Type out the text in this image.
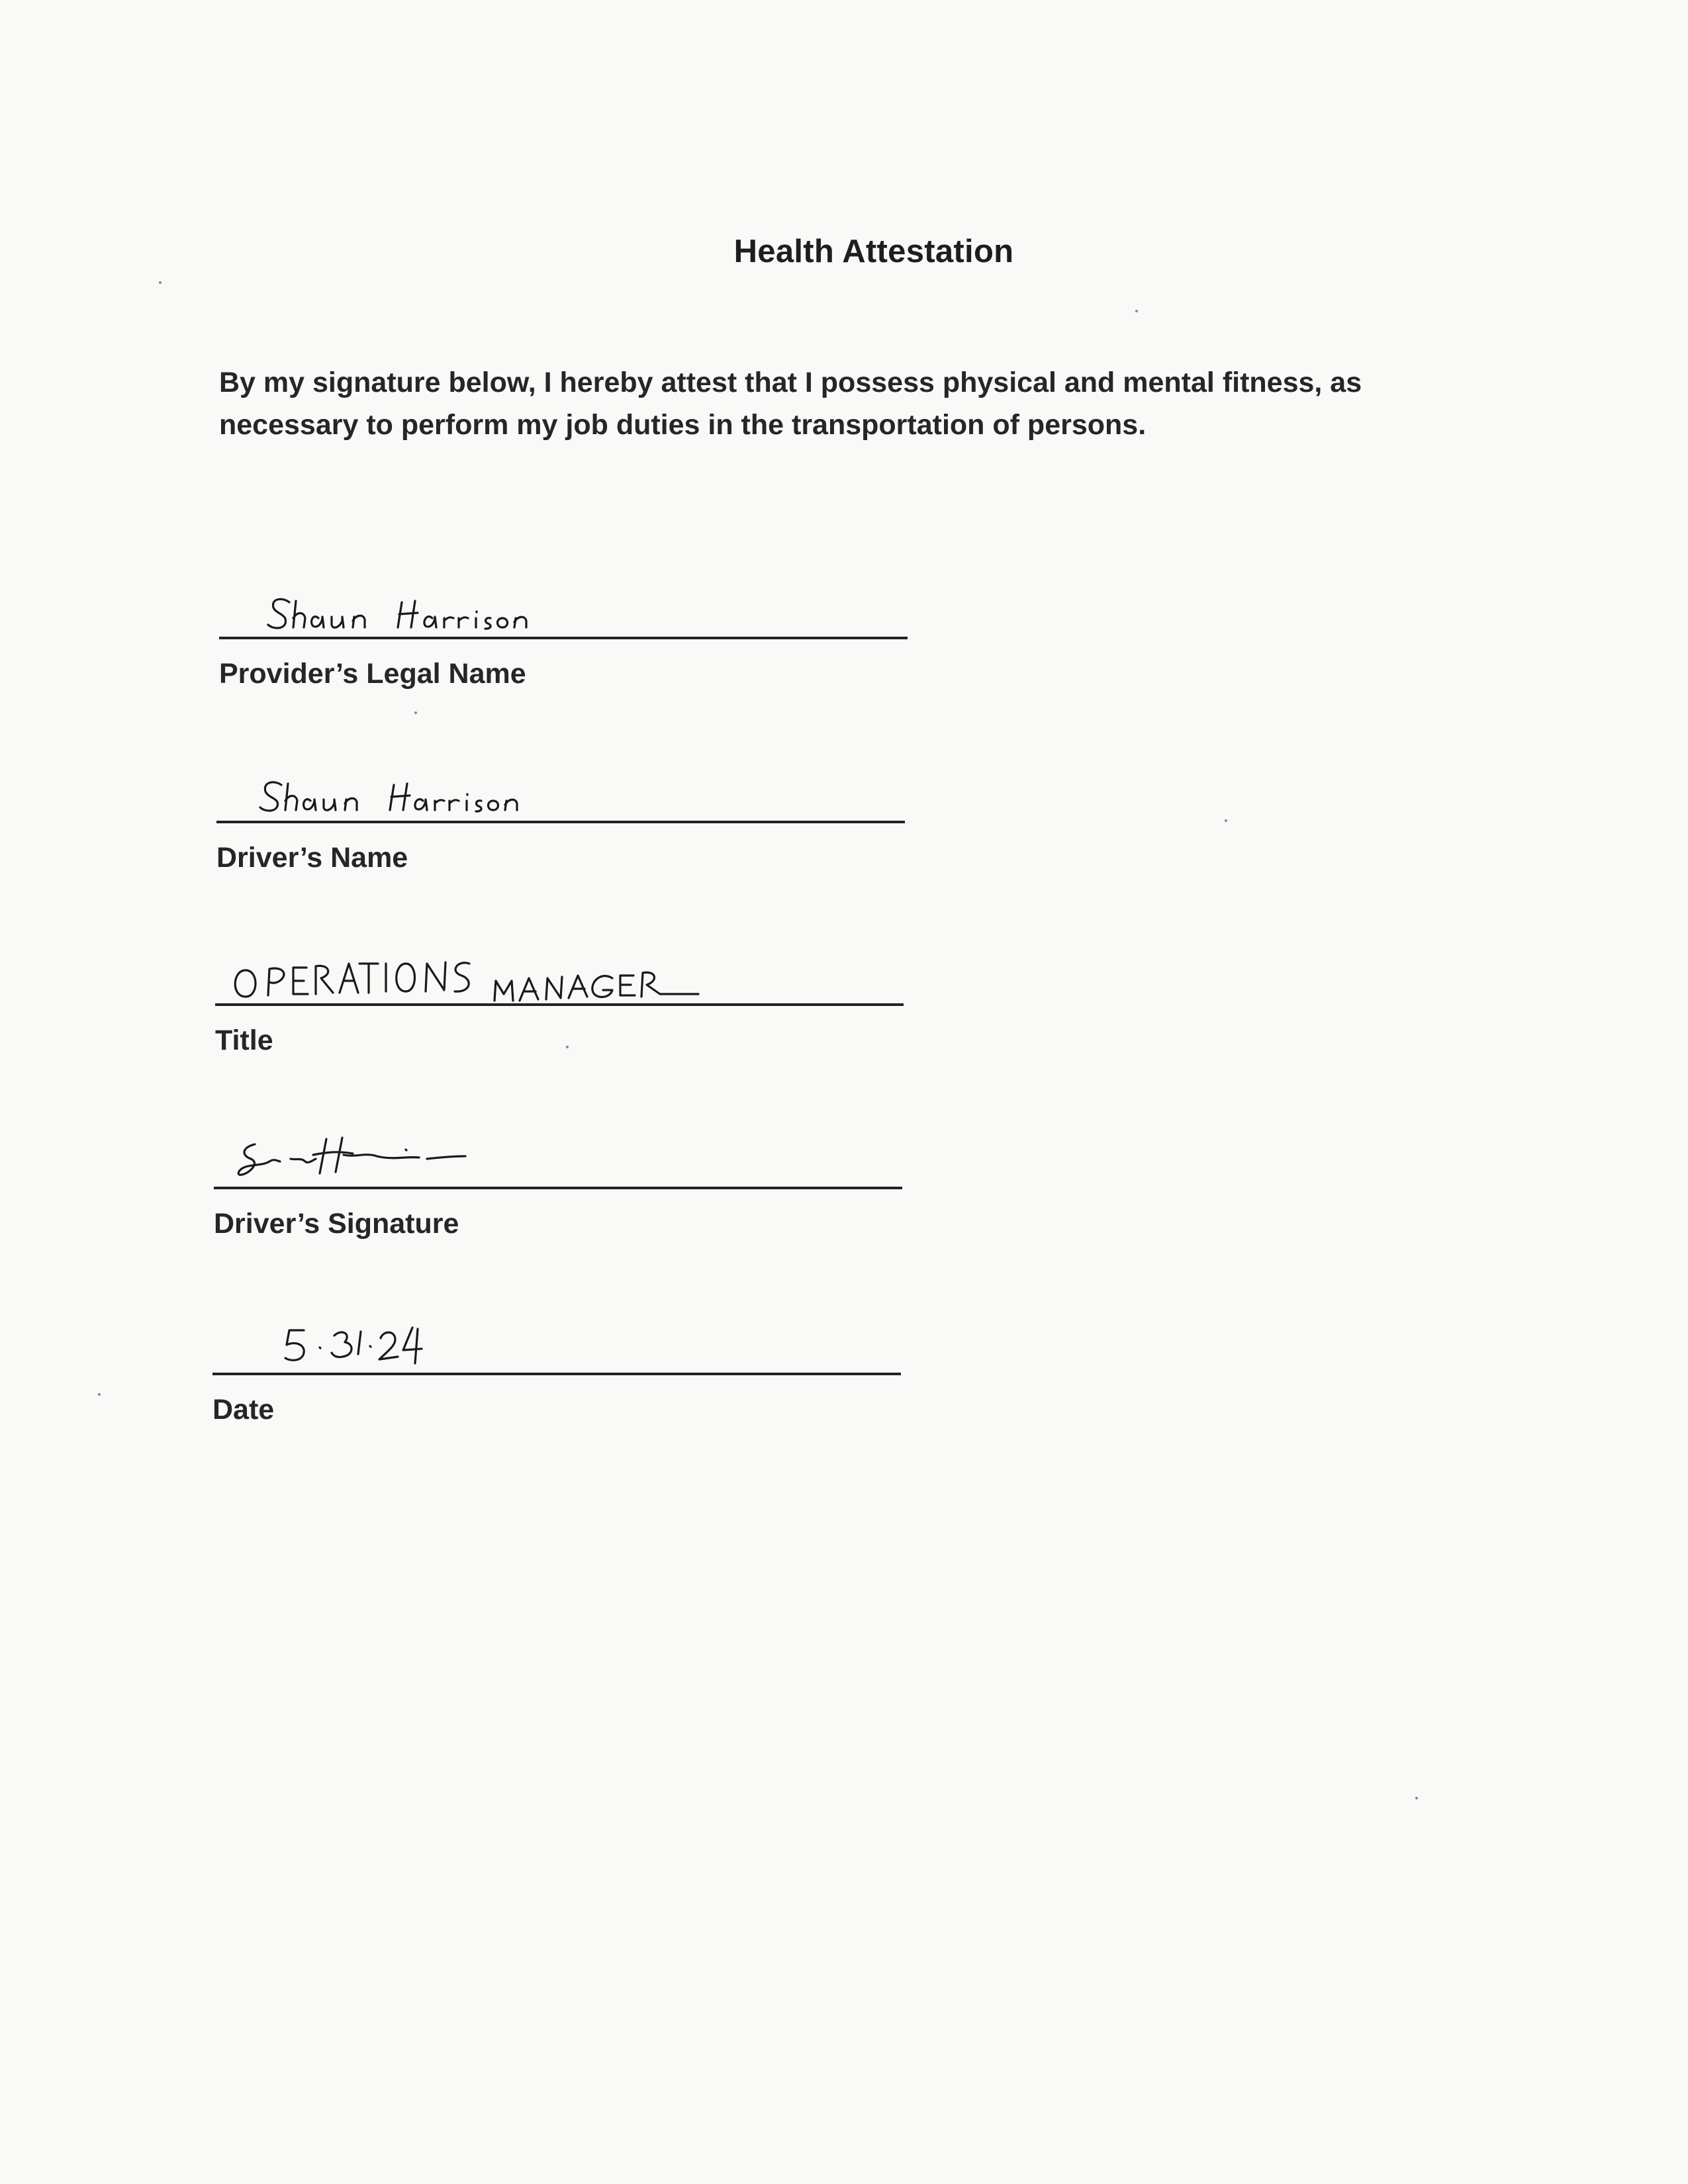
Health Attestation
By my signature below, I hereby attest that I possess physical and mental fitness, as necessary to perform my job duties in the transportation of persons.
Provider’s Legal Name
Driver’s Name
Title
Driver’s Signature
Date
